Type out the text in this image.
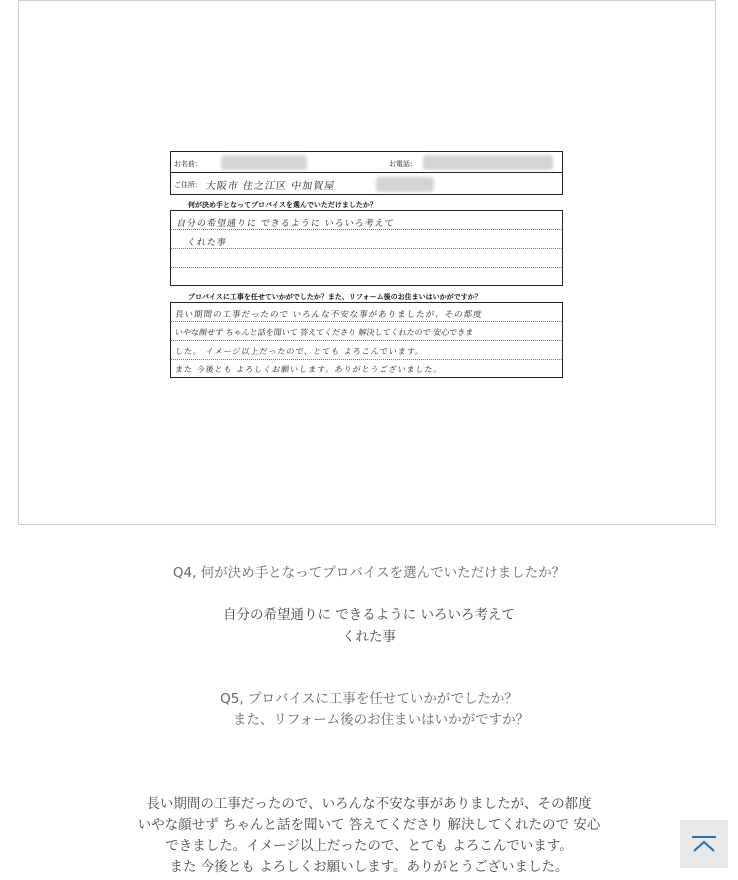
お名前:	お電話:
ご住所: 大阪市 住之江区 中加賀屋
何が決め手となってプロバイスを選んでいただけましたか？
自分の希望通りに できるように いろいろ考えて
くれた事
プロバイスに工事を任せていかがでしたか？また、リフォーム後のお住まいはいかがですか？
長い期間の工事だったので いろんな不安な事がありましたが、その都度
いやな顔せず ちゃんと話を聞いて 答えてくださり 解決してくれたので 安心できま
した。 イメージ以上だったので、とても よろこんでいます。
また 今後とも よろしくお願いします。ありがとうございました。
Q4, 何が決め手となってプロバイスを選んでいただけましたか？
自分の希望通りに できるように いろいろ考えて
くれた事
Q5, プロバイスに工事を任せていかがでしたか？
また、リフォーム後のお住まいはいかがですか？
長い期間の工事だったので、いろんな不安な事がありましたが、その都度
いやな顔せず ちゃんと話を聞いて 答えてくださり 解決してくれたので 安心
できました。イメージ以上だったので、とても よろこんでいます。
また 今後とも よろしくお願いします。ありがとうございました。
